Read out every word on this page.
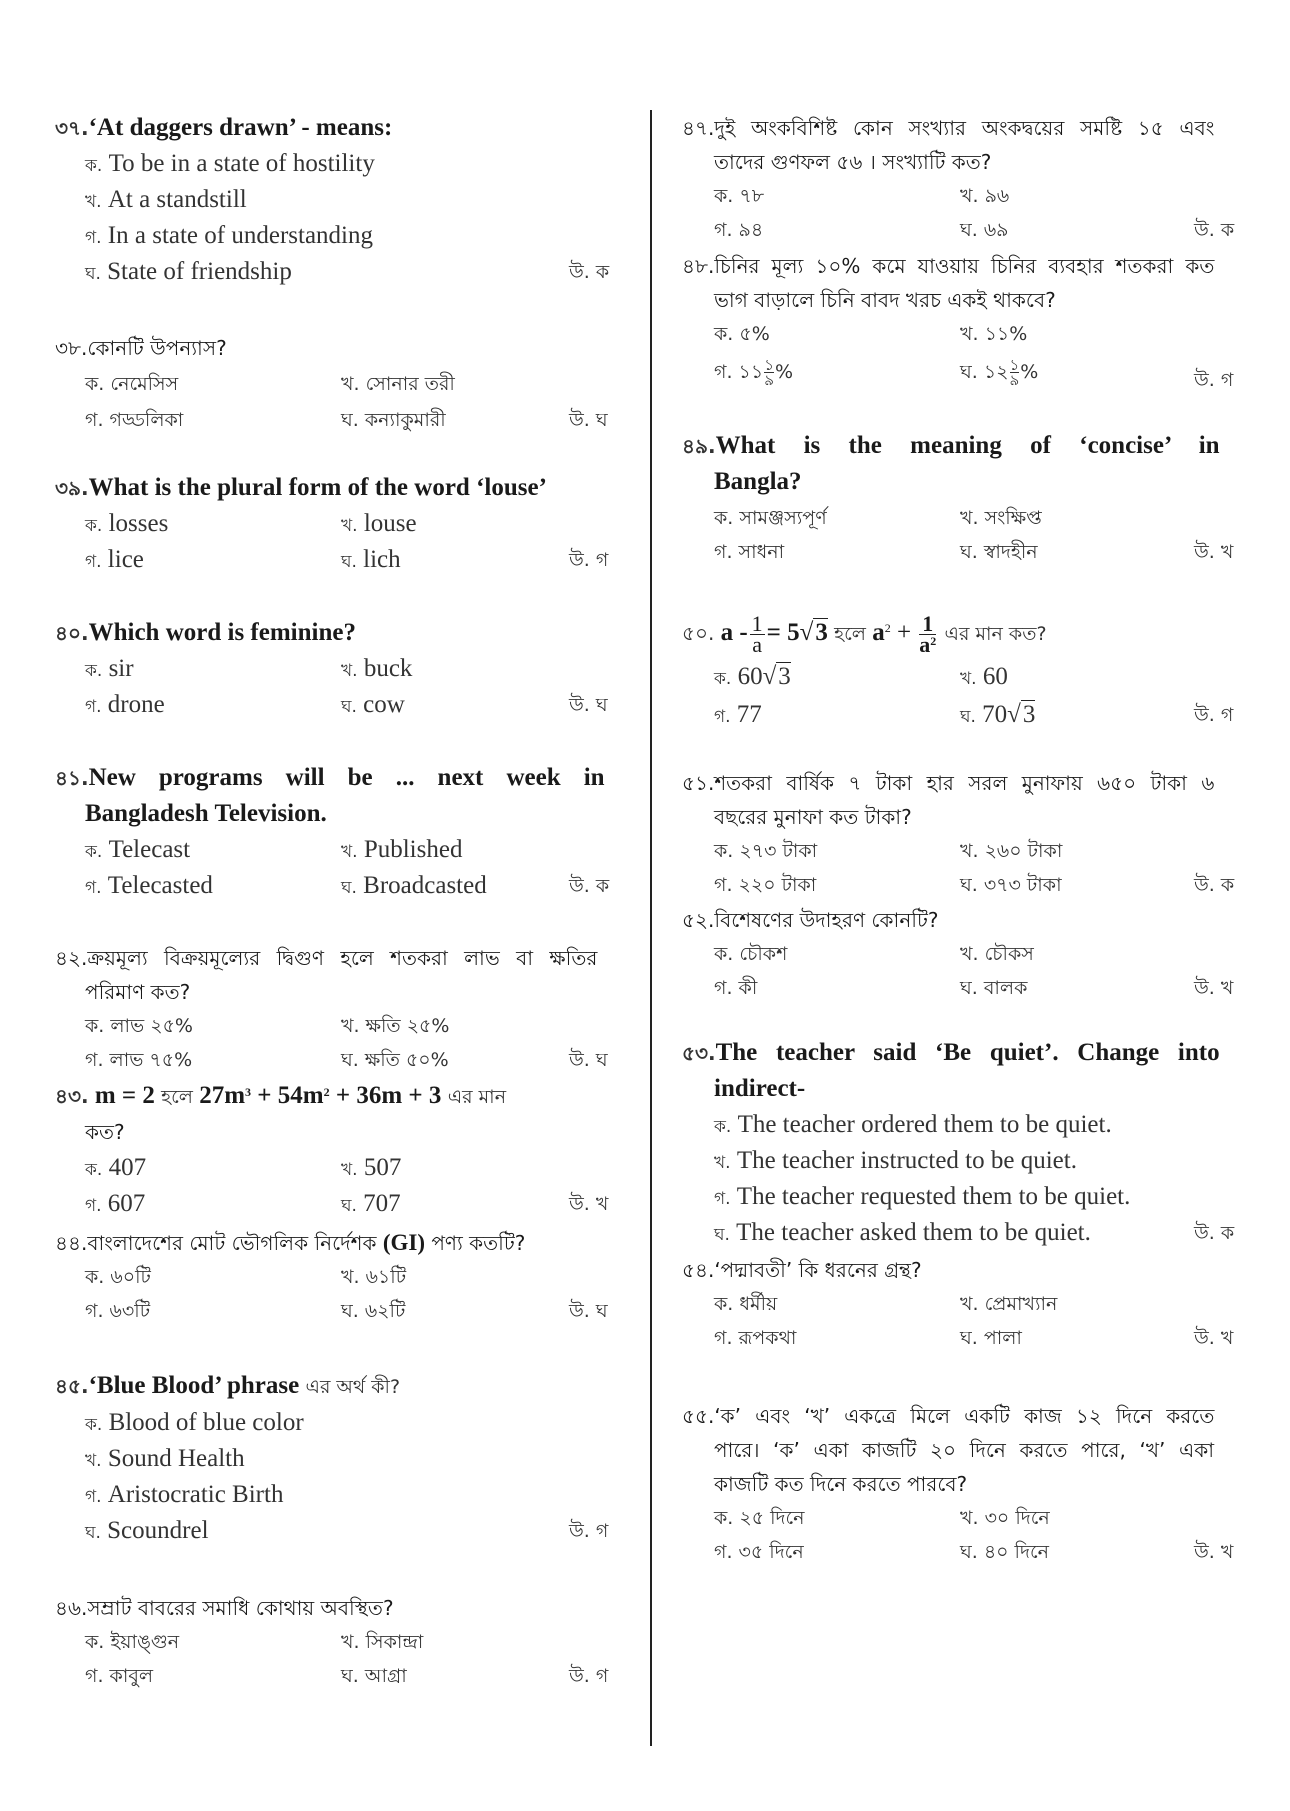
৩৭.‘At daggers drawn’ - means:
ক. To be in a state of hostility
খ. At a standstill
গ. In a state of understanding
ঘ. State of friendship	উ. ক
৩৮.কোনটি উপন্যাস?
ক. নেমেসিস	খ. সোনার তরী
গ. গড্ডলিকা	ঘ. কন্যাকুমারী	উ. ঘ
৩৯.What is the plural form of the word ‘louse’
ক. losses	খ. louse
গ. lice	ঘ. lich	উ. গ
৪০.Which word is feminine?
ক. sir	খ. buck
গ. drone	ঘ. cow	উ. ঘ
৪১.New programs will be ... next week in
Bangladesh Television.
ক. Telecast	খ. Published
গ. Telecasted	ঘ. Broadcasted	উ. ক
৪২.ক্রয়মূল্য বিক্রয়মূল্যের দ্বিগুণ হলে শতকরা লাভ বা ক্ষতির
পরিমাণ কত?
ক. লাভ ২৫%	খ. ক্ষতি ২৫%
গ. লাভ ৭৫%	ঘ. ক্ষতি ৫০%	উ. ঘ
৪৩. m = 2 হলে $27m^3 + 54m^2 + 36m + 3$ এর মান
কত?
ক. 407	খ. 507
গ. 607	ঘ. 707	উ. খ
৪৪.বাংলাদেশের মোট ভৌগলিক নির্দেশক (GI) পণ্য কতটি?
ক. ৬০টি	খ. ৬১টি
গ. ৬৩টি	ঘ. ৬২টি	উ. ঘ
৪৫.‘Blue Blood’ phrase এর অর্থ কী?
ক. Blood of blue color
খ. Sound Health
গ. Aristocratic Birth
ঘ. Scoundrel	উ. গ
৪৬.সম্রাট বাবরের সমাধি কোথায় অবস্থিত?
ক. ইয়াঙ্গুন	খ. সিকান্দ্রা
গ. কাবুল	ঘ. আগ্রা	উ. গ
৪৭.দুই অংকবিশিষ্ট কোন সংখ্যার অংকদ্বয়ের সমষ্টি ১৫ এবং
তাদের গুণফল ৫৬ । সংখ্যাটি কত?
ক. ৭৮	খ. ৯৬
গ. ৯৪	ঘ. ৬৯	উ. ক
৪৮.চিনির মূল্য ১০% কমে যাওয়ায় চিনির ব্যবহার শতকরা কত
ভাগ বাড়ালে চিনি বাবদ খরচ একই থাকবে?
ক. ৫%	খ. ১১%
গ. ১১ $\frac{১}{৯}$ %	ঘ. ১২ $\frac{১}{৯}$ %	উ. গ
৪৯.What is the meaning of ‘concise’ in
Bangla?
ক. সামঞ্জস্যপূর্ণ	খ. সংক্ষিপ্ত
গ. সাধনা	ঘ. স্বাদহীন	উ. খ
৫০. $a - \frac{1}{a} = 5√3$ হলে $a^2 + \frac{1}{a^2}$ এর মান কত?
ক. 60√3	খ. 60
গ. 77	ঘ. 70√3	উ. গ
৫১.শতকরা বার্ষিক ৭ টাকা হার সরল মুনাফায় ৬৫০ টাকা ৬
বছরের মুনাফা কত টাকা?
ক. ২৭৩ টাকা	খ. ২৬০ টাকা
গ. ২২০ টাকা	ঘ. ৩৭৩ টাকা	উ. ক
৫২.বিশেষণের উদাহরণ কোনটি?
ক. চৌকশ	খ. চৌকস
গ. কী	ঘ. বালক	উ. খ
৫৩.The teacher said ‘Be quiet’. Change into
indirect-
ক. The teacher ordered them to be quiet.
খ. The teacher instructed to be quiet.
গ. The teacher requested them to be quiet.
ঘ. The teacher asked them to be quiet.	উ. ক
৫৪.‘পদ্মাবতী’ কি ধরনের গ্রন্থ?
ক. ধর্মীয়	খ. প্রেমাখ্যান
গ. রূপকথা	ঘ. পালা	উ. খ
৫৫.‘ক’ এবং ‘খ’ একত্রে মিলে একটি কাজ ১২ দিনে করতে
পারে। ‘ক’ একা কাজটি ২০ দিনে করতে পারে, ‘খ’ একা
কাজটি কত দিনে করতে পারবে?
ক. ২৫ দিনে	খ. ৩০ দিনে
গ. ৩৫ দিনে	ঘ. ৪০ দিনে	উ. খ
